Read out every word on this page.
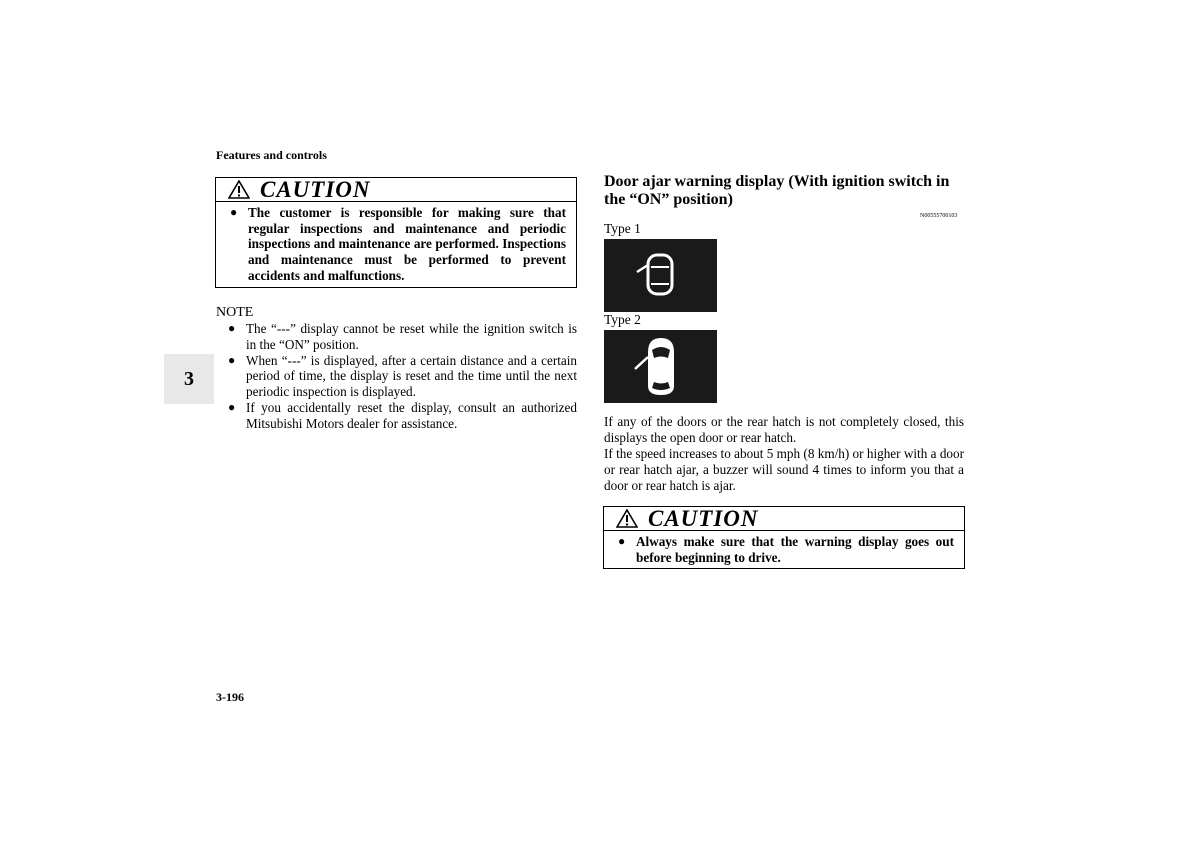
Features and controls
3
CAUTION
● The customer is responsible for making sure that regular inspections and maintenance and periodic inspections and maintenance are performed. Inspections and maintenance must be performed to prevent accidents and malfunctions.
NOTE
● The “---” display cannot be reset while the ignition switch is in the “ON” position.
● When “---” is displayed, after a certain distance and a certain period of time, the display is reset and the time until the next periodic inspection is displayed.
● If you accidentally reset the display, consult an authorized Mitsubishi Motors dealer for assistance.
Door ajar warning display (With ignition switch in the “ON” position)
N00555700103
Type 1
Type 2
If any of the doors or the rear hatch is not completely closed, this displays the open door or rear hatch.
If the speed increases to about 5 mph (8 km/h) or higher with a door or rear hatch ajar, a buzzer will sound 4 times to inform you that a door or rear hatch is ajar.
CAUTION
● Always make sure that the warning display goes out before beginning to drive.
3-196
